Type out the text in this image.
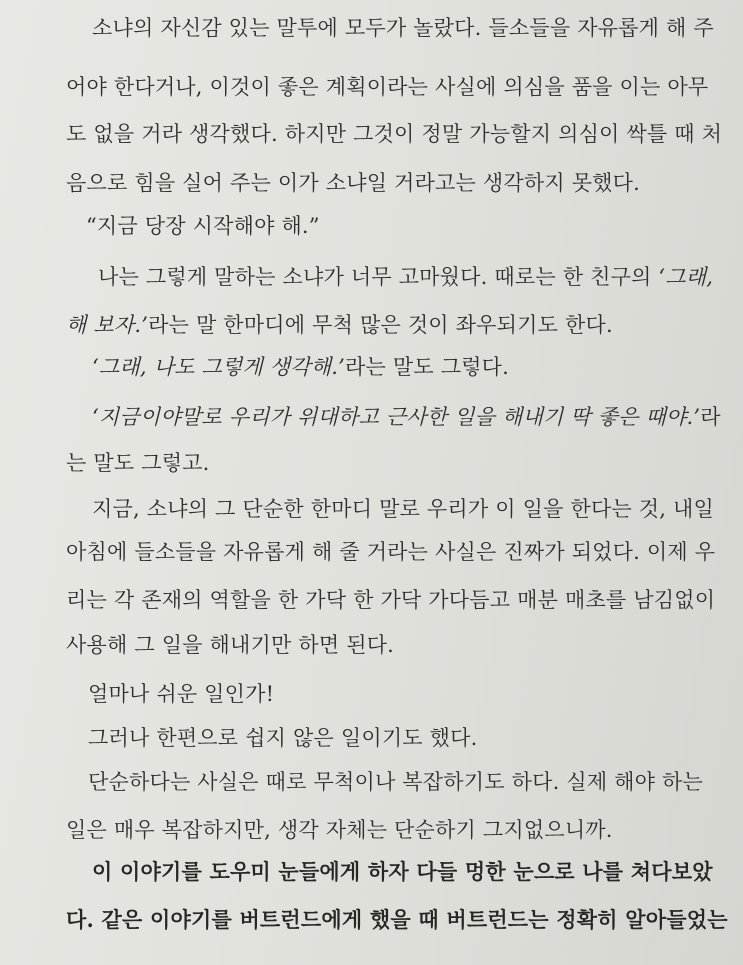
소냐의 자신감 있는 말투에 모두가 놀랐다. 들소들을 자유롭게 해 주
어야 한다거나, 이것이 좋은 계획이라는 사실에 의심을 품을 이는 아무
도 없을 거라 생각했다. 하지만 그것이 정말 가능할지 의심이 싹틀 때 처
음으로 힘을 실어 주는 이가 소냐일 거라고는 생각하지 못했다.
“지금 당장 시작해야 해.”
나는 그렇게 말하는 소냐가 너무 고마웠다. 때로는 한 친구의 ‘그래,
해 보자.’라는 말 한마디에 무척 많은 것이 좌우되기도 한다.
‘그래, 나도 그렇게 생각해.’라는 말도 그렇다.
‘지금이야말로 우리가 위대하고 근사한 일을 해내기 딱 좋은 때야.’라
는 말도 그렇고.
지금, 소냐의 그 단순한 한마디 말로 우리가 이 일을 한다는 것, 내일
아침에 들소들을 자유롭게 해 줄 거라는 사실은 진짜가 되었다. 이제 우
리는 각 존재의 역할을 한 가닥 한 가닥 가다듬고 매분 매초를 남김없이
사용해 그 일을 해내기만 하면 된다.
얼마나 쉬운 일인가!
그러나 한편으로 쉽지 않은 일이기도 했다.
단순하다는 사실은 때로 무척이나 복잡하기도 하다. 실제 해야 하는
일은 매우 복잡하지만, 생각 자체는 단순하기 그지없으니까.
이 이야기를 도우미 눈들에게 하자 다들 멍한 눈으로 나를 쳐다보았
다. 같은 이야기를 버트런드에게 했을 때 버트런드는 정확히 알아들었는
